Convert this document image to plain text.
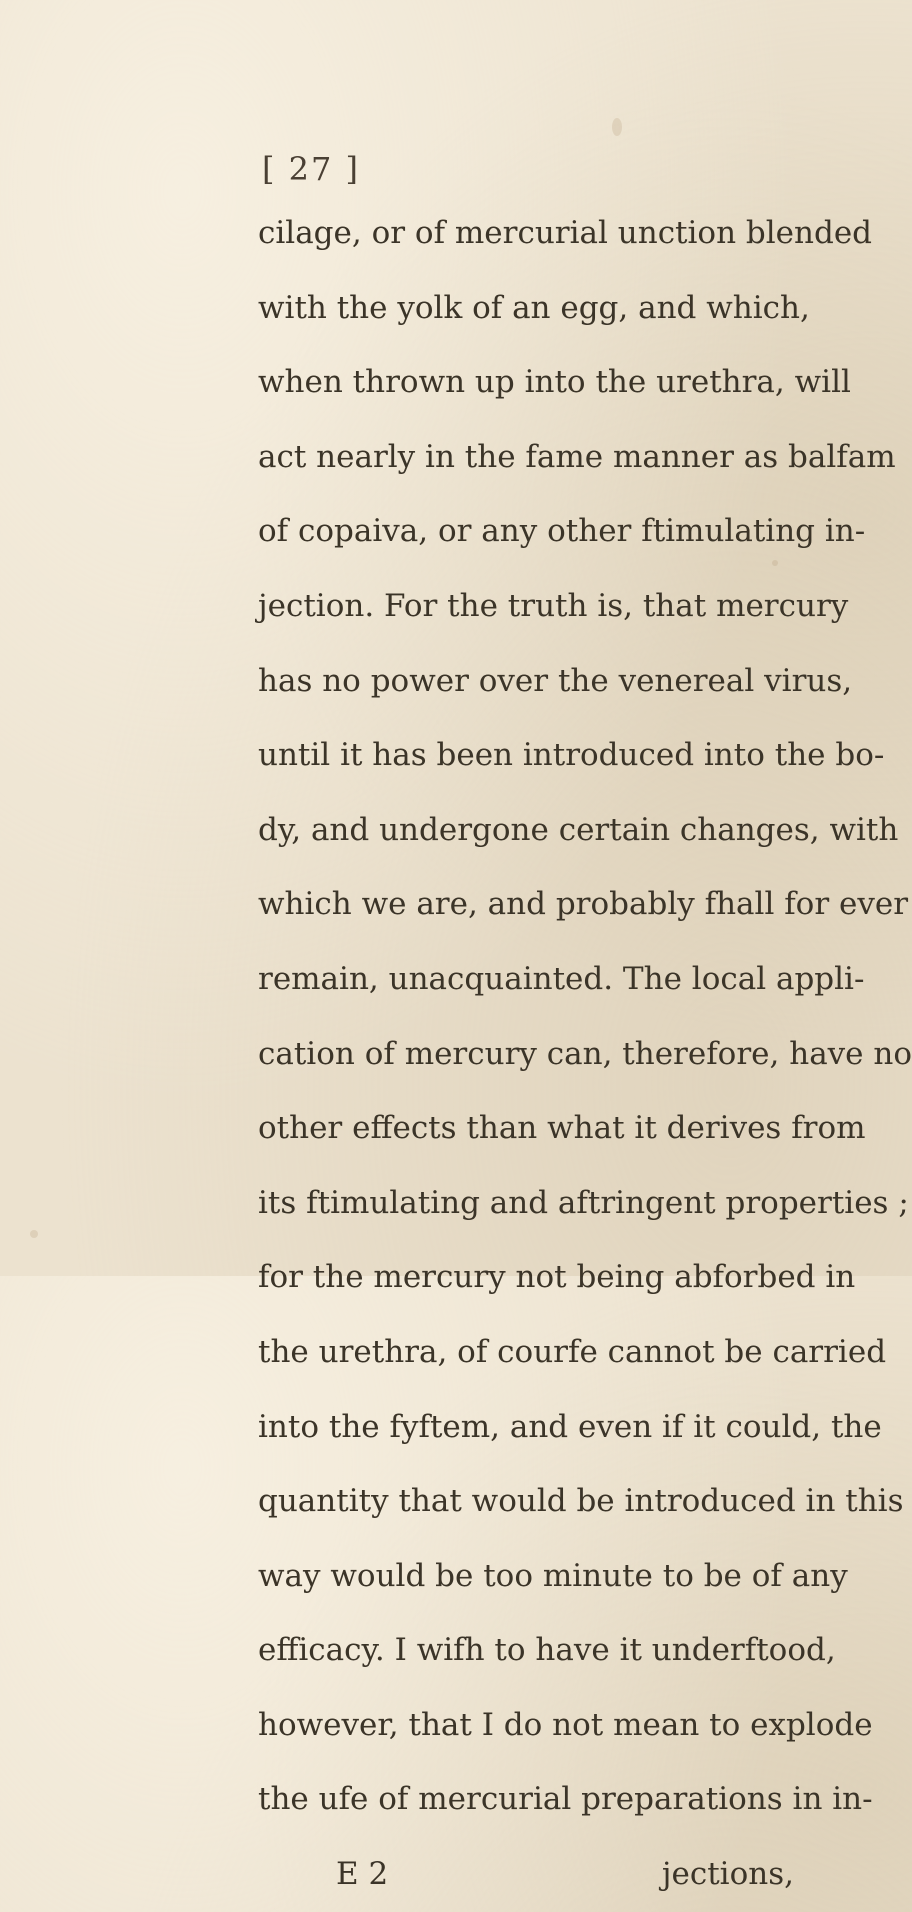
[ 27 ]
cilage, or of mercurial unction blended
with the yolk of an egg, and which,
when thrown up into the urethra, will
act nearly in the fame manner as balfam
of copaiva, or any other ftimulating in-
jection. For the truth is, that mercury
has no power over the venereal virus,
until it has been introduced into the bo-
dy, and undergone certain changes, with
which we are, and probably fhall for ever
remain, unacquainted. The local appli-
cation of mercury can, therefore, have no
other effects than what it derives from
its ftimulating and aftringent properties ;
for the mercury not being abforbed in
the urethra, of courfe cannot be carried
into the fyftem, and even if it could, the
quantity that would be introduced in this
way would be too minute to be of any
efficacy. I wifh to have it underftood,
however, that I do not mean to explode
the ufe of mercurial preparations in in-
E 2	jections,
